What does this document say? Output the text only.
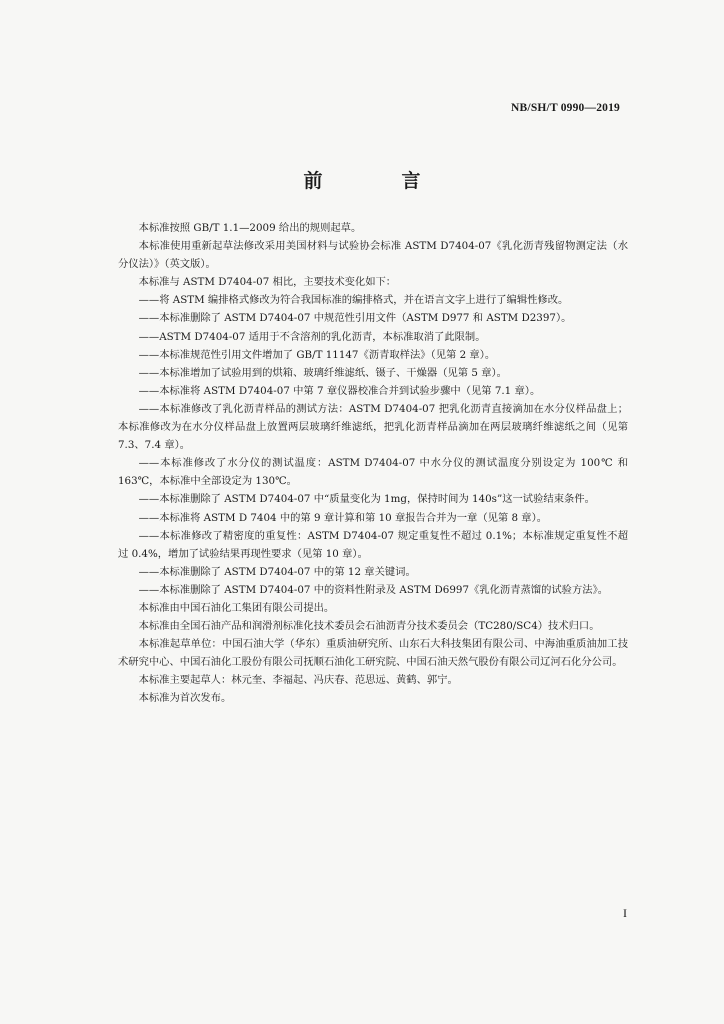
NB/SH/T 0990—2019
前　言

本标准按照 GB/T 1.1—2009 给出的规则起草。

本标准使用重新起草法修改采用美国材料与试验协会标准 ASTM D7404-07《乳化沥青残留物测定法（水分仪法）》（英文版）。

本标准与 ASTM D7404-07 相比，主要技术变化如下：

——将 ASTM 编排格式修改为符合我国标准的编排格式，并在语言文字上进行了编辑性修改。

——本标准删除了 ASTM D7404-07 中规范性引用文件（ASTM D977 和 ASTM D2397）。

——ASTM D7404-07 适用于不含溶剂的乳化沥青，本标准取消了此限制。

——本标准规范性引用文件增加了 GB/T 11147《沥青取样法》（见第 2 章）。

——本标准增加了试验用到的烘箱、玻璃纤维滤纸、镊子、干燥器（见第 5 章）。

——本标准将 ASTM D7404-07 中第 7 章仪器校准合并到试验步骤中（见第 7.1 章）。

——本标准修改了乳化沥青样品的测试方法：ASTM D7404-07 把乳化沥青直接滴加在水分仪样品盘上；本标准修改为在水分仪样品盘上放置两层玻璃纤维滤纸，把乳化沥青样品滴加在两层玻璃纤维滤纸之间（见第 7.3、7.4 章）。

——本标准修改了水分仪的测试温度：ASTM D7404-07 中水分仪的测试温度分别设定为 100℃ 和 163℃，本标准中全部设定为 130℃。

——本标准删除了 ASTM D7404-07 中“质量变化为 1mg，保持时间为 140s”这一试验结束条件。

——本标准将 ASTM D 7404 中的第 9 章计算和第 10 章报告合并为一章（见第 8 章）。

——本标准修改了精密度的重复性：ASTM D7404-07 规定重复性不超过 0.1%；本标准规定重复性不超过 0.4%，增加了试验结果再现性要求（见第 10 章）。

——本标准删除了 ASTM D7404-07 中的第 12 章关键词。

——本标准删除了 ASTM D7404-07 中的资料性附录及 ASTM D6997《乳化沥青蒸馏的试验方法》。

本标准由中国石油化工集团有限公司提出。

本标准由全国石油产品和润滑剂标准化技术委员会石油沥青分技术委员会（TC280/SC4）技术归口。

本标准起草单位：中国石油大学（华东）重质油研究所、山东石大科技集团有限公司、中海油重质油加工技术研究中心、中国石油化工股份有限公司抚顺石油化工研究院、中国石油天然气股份有限公司辽河石化分公司。

本标准主要起草人：林元奎、李福起、冯庆春、范思远、黄鹤、郭宁。

本标准为首次发布。

I
